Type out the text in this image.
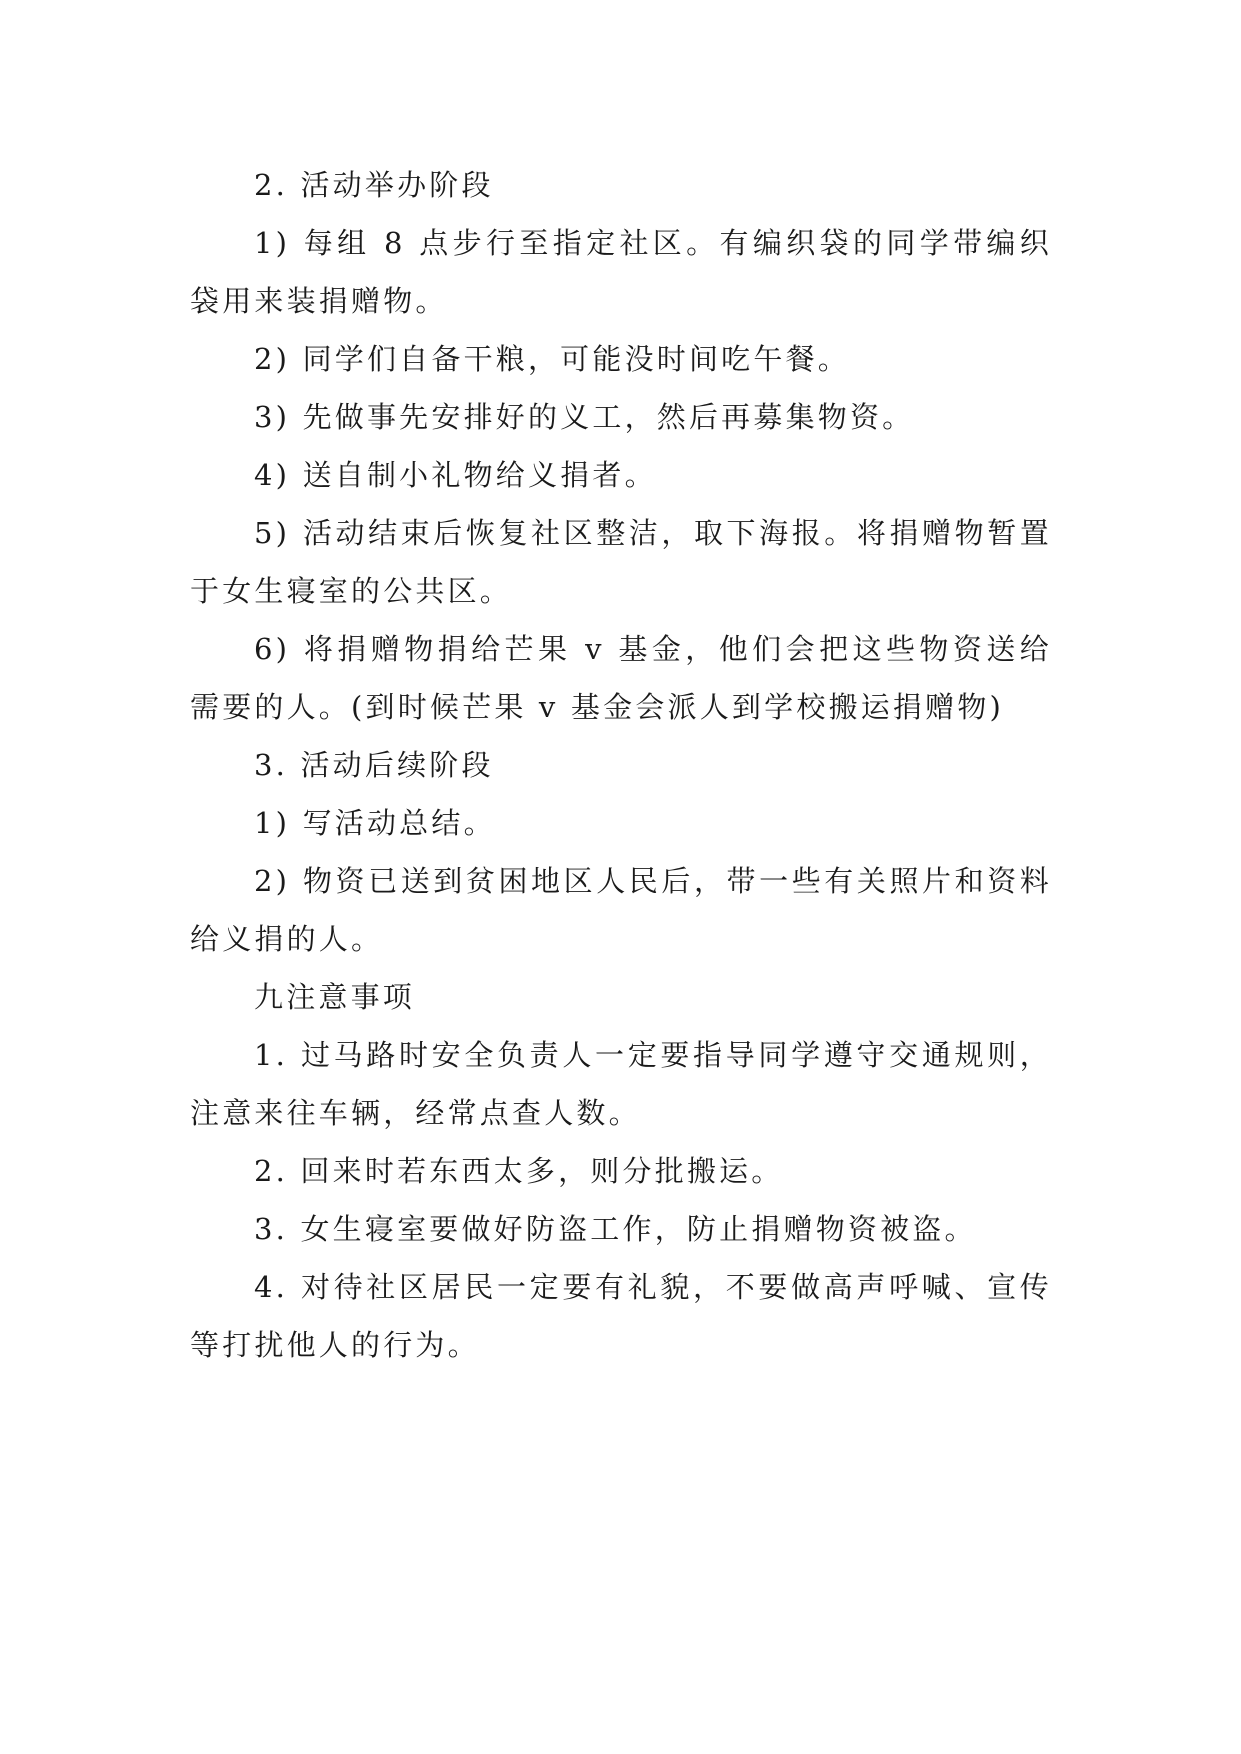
2. 活动举办阶段

1) 每组 8 点步行至指定社区。有编织袋的同学带编织袋用来装捐赠物。

2) 同学们自备干粮，可能没时间吃午餐。

3) 先做事先安排好的义工，然后再募集物资。

4) 送自制小礼物给义捐者。

5) 活动结束后恢复社区整洁，取下海报。将捐赠物暂置于女生寝室的公共区。

6) 将捐赠物捐给芒果 v 基金，他们会把这些物资送给需要的人。(到时候芒果 v 基金会派人到学校搬运捐赠物)

3. 活动后续阶段

1) 写活动总结。

2) 物资已送到贫困地区人民后，带一些有关照片和资料给义捐的人。

九注意事项

1. 过马路时安全负责人一定要指导同学遵守交通规则，注意来往车辆，经常点查人数。

2. 回来时若东西太多，则分批搬运。

3. 女生寝室要做好防盗工作，防止捐赠物资被盗。

4. 对待社区居民一定要有礼貌，不要做高声呼喊、宣传等打扰他人的行为。
